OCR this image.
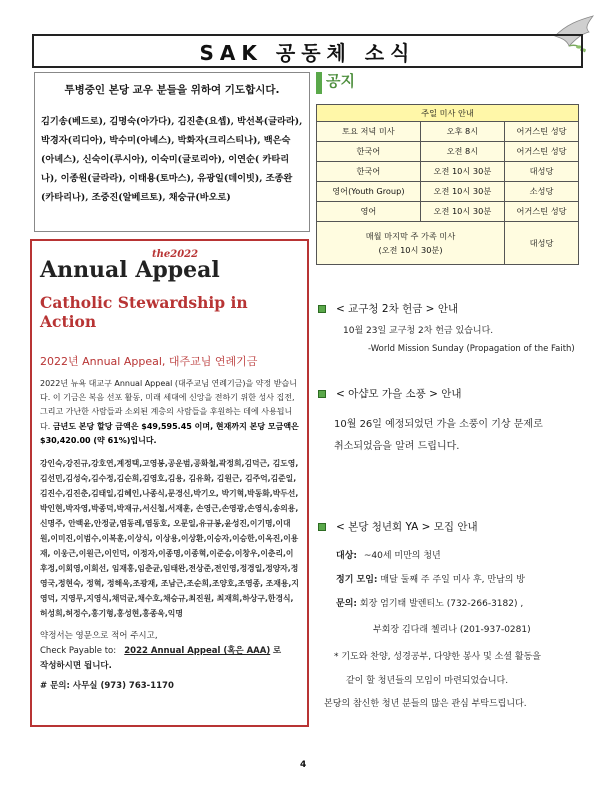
SAK 공동체 소식
투병중인 본당 교우 분들을 위하여 기도합시다.
김기송(베드로), 김명숙(아가다), 김진춘(요셉), 박선복(글라라), 박경자(리디아), 박수미(아녜스), 박화자(크리스티나), 백은숙(아녜스), 신숙이(루시아), 이숙미(글로리아), 이연순( 카타리나), 이종원(글라라), 이태용(토마스), 유광일(데이빗), 조종완(카타리나), 조중진(알베르토), 채숭규(바오로)
Annual Appeal
the2022
Catholic Stewardship in Action
2022년 Annual Appeal, 대주교님 연례기금
2022년 뉴욕 대교구 Annual Appeal (대주교님 연례기금)을 약정 받습니다. 이 기금은 복음 선포 활동, 미래 세대에 신앙을 전하기 위한 성사 집전, 그리고 가난한 사람들과 소외된 계층의 사람들을 후원하는 데에 사용됩니다. 금년도 본당 할당 금액은 $49,595.45 이며, 현재까지 본당 모금액은 $30,420.00 (약 61%)입니다.
강인숙,강진규,강호연,계정택,고영봉,공운범,공화철,곽정희,김덕근, 김도영,김선민,김성숙,김수정,김순희,김영호,김용, 김유화, 김원근, 김주억,김준일,김진수,김진춘,김태일,김혜인,나종식,문경신,박기오, 박기혁,박동화,박두선,박인현,박자영,박종덕,박재규,서신철,서재훈, 손영근,손영광,손영식,송의용,신명주, 안백윤,안정균,염동레,염동호, 오문일,유규봉,윤성진,이기명,이대원,이미진,이범수,이복훈,이상식, 이상용,이상환,이승자,이승한,이옥진,이용재, 이웅근,이원근,이인덕, 이정자,이종명,이종혁,이준승,이창우,이춘리,이후정,이회영,이회선, 임재홍,임춘균,임태완,전상준,전인영,정경일,정양자,정영국,정현숙, 정혁, 정해욱,조광재, 조남근,조순희,조양호,조영종, 조재용,지영덕, 지영무,지영식,채덕균,채수호,채승규,최진원, 최재희,하상구,한경식, 허성희,허정수,홍기형,홍성현,홍종욱,익명
약정서는 영문으로 적어 주시고,
Check Payable to: 2022 Annual Appeal (혹은 AAA) 로
작성하시면 됩니다.
# 문의: 사무실 (973) 763-1170
공지
주일 미사 안내		
토요 저녁 미사	오후 8시	어거스틴 성당
한국어	오전 8시	어거스틴 성당
한국어	오전 10시 30분	대성당
영어(Youth Group)	오전 10시 30분	소성당
영어	오전 10시 30분	어거스틴 성당

매월 마지막 주 가족 미사
(오전 10시 30분)		대성당
< 교구청 2차 헌금 > 안내
10월 23일 교구청 2차 헌금 있습니다.
-World Mission Sunday (Propagation of the Faith)
< 아샵모 가을 소풍 > 안내
10월 26일 예정되었던 가을 소풍이 기상 문제로
취소되었음을 알려 드립니다.
< 본당 청년회 YA > 모집 안내
대상: ~40세 미만의 청년
정기 모임: 매달 둘째 주 주일 미사 후, 만남의 방
문의: 회장 엄기태 발렌티노 (732-266-3182) ,
부회장 김다래 첼리나 (201-937-0281)
* 기도와 찬양, 성경공부, 다양한 봉사 및 소셜 활동을
같이 할 청년들의 모임이 마련되었습니다.
본당의 참신한 청년 분들의 많은 관심 부탁드립니다.
4
